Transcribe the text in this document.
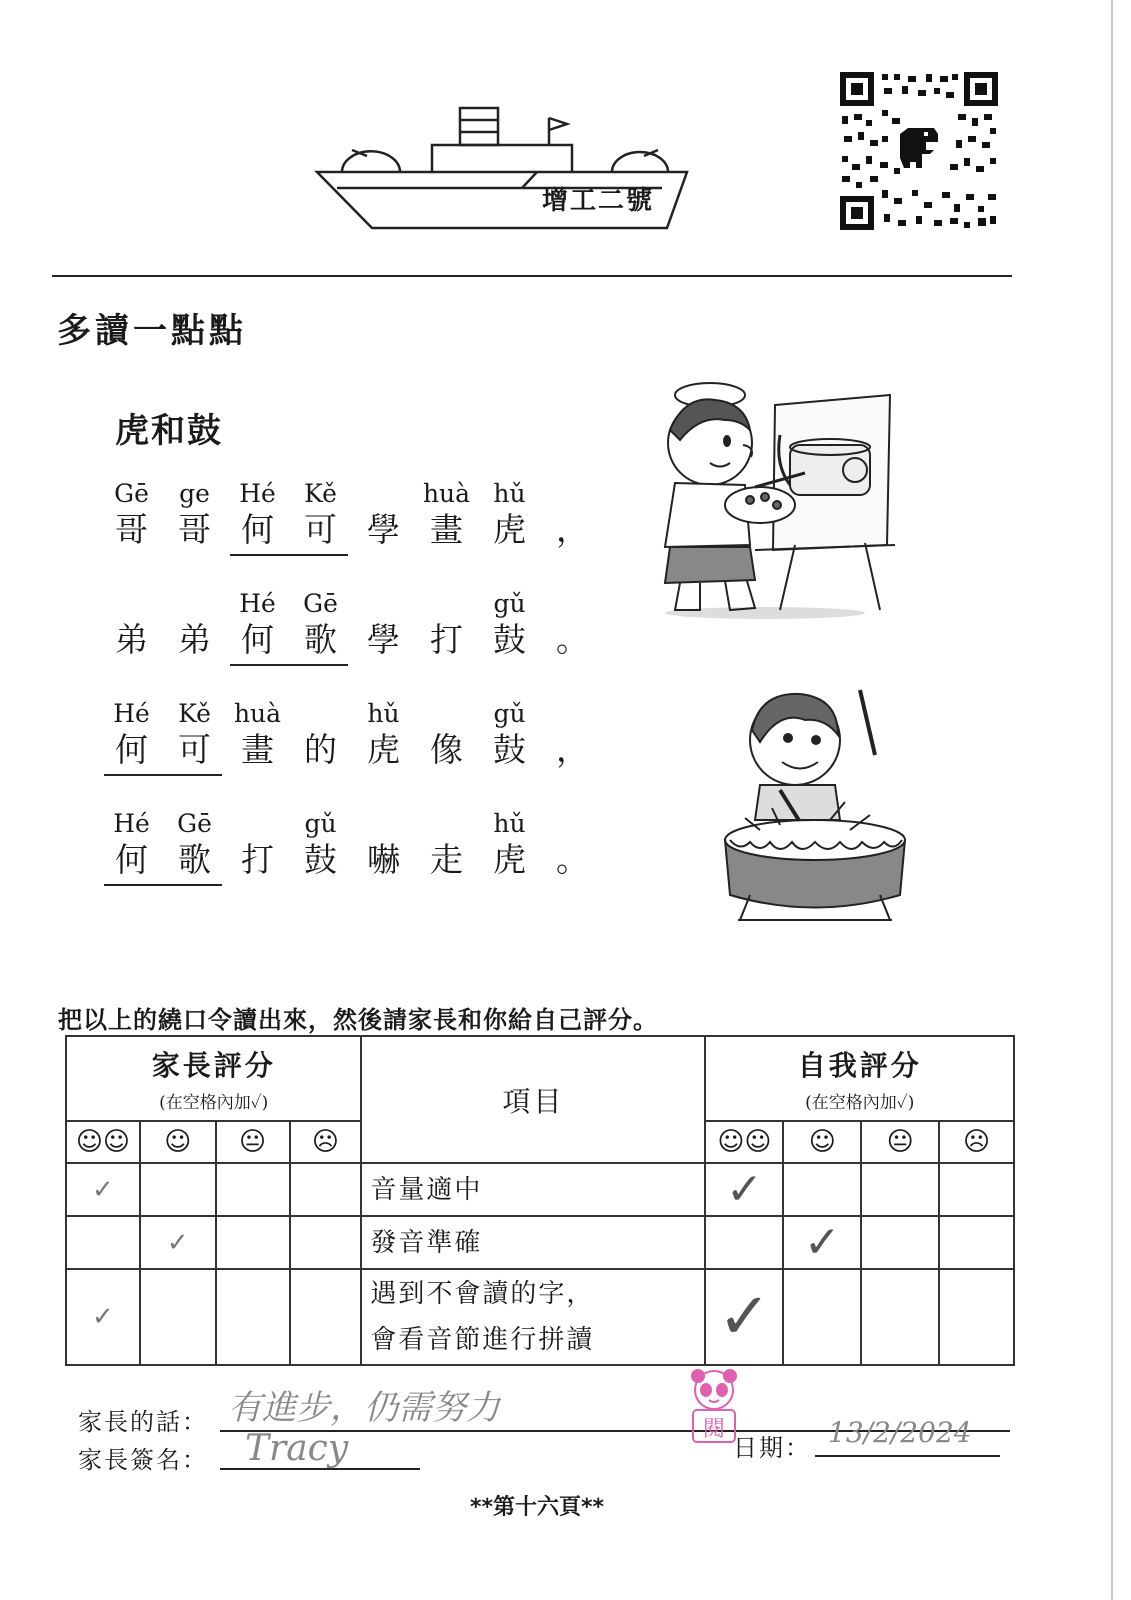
增工二號
多讀一點點
虎和鼓
Gē
哥
ge
哥
Hé
何
Kě
可 學
huà
畫
hǔ
虎 ，
弟 弟
Hé
何
Gē
歌 學 打
gǔ
鼓 。
Hé
何
Kě
可
huà
畫 的
hǔ
虎 像
gǔ
鼓 ，
Hé
何
Gē
歌 打
gǔ
鼓 嚇 走
hǔ
虎 。
把以上的繞口令讀出來，然後請家長和你給自己評分。
家長評分
(在空格內加✓)				項目	自我評分
(在空格內加✓)			

☺☺	☺	😐	☹		☺☺	☺	😐	☹
✓				音量適中	✓			
	✓			發音準確		✓		
✓				遇到不會讀的字，
會看音節進行拼讀	✓			
家長的話： 有進步，仍需努力
家長簽名： Tracy	閱
日期： 13/2/2024
**第十六頁**
